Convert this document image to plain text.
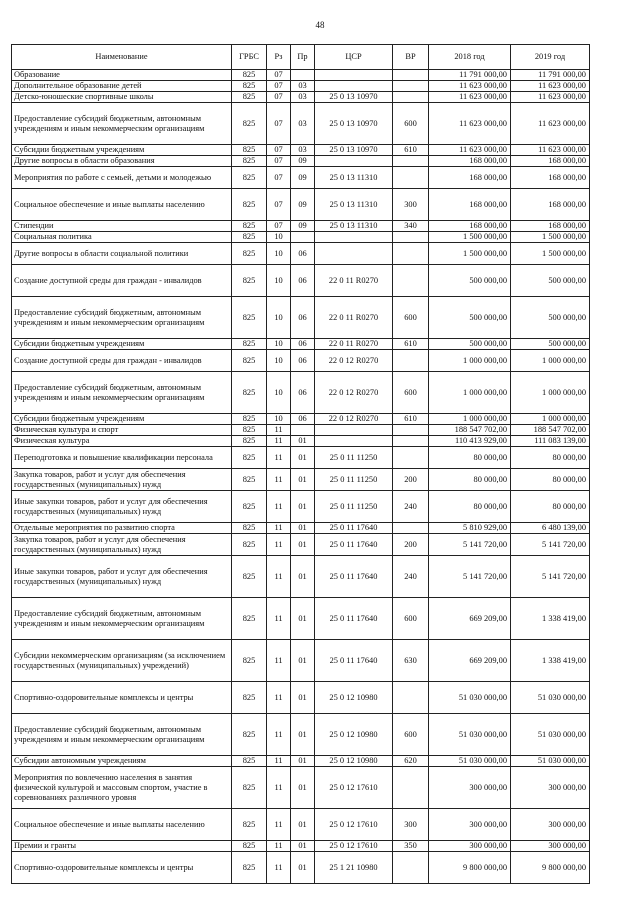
48
Наименование	ГРБС	Рз	Пр	ЦСР	ВР	2018 год	2019 год
Образование	825	07				11 791 000,00	11 791 000,00
Дополнительное образование детей	825	07	03			11 623 000,00	11 623 000,00
Детско-юношеские спортивные школы	825	07	03	25 0 13 10970		11 623 000,00	11 623 000,00
Предоставление субсидий бюджетным, автономным учреждениям и иным некоммерческим организациям	825	07	03	25 0 13 10970	600	11 623 000,00	11 623 000,00
Субсидии бюджетным учреждениям	825	07	03	25 0 13 10970	610	11 623 000,00	11 623 000,00
Другие вопросы в области образования	825	07	09			168 000,00	168 000,00
Мероприятия по работе с семьей, детьми и молодежью	825	07	09	25 0 13 11310		168 000,00	168 000,00
Социальное обеспечение и иные выплаты населению	825	07	09	25 0 13 11310	300	168 000,00	168 000,00
Стипендии	825	07	09	25 0 13 11310	340	168 000,00	168 000,00
Социальная политика	825	10				1 500 000,00	1 500 000,00
Другие вопросы в области социальной политики	825	10	06			1 500 000,00	1 500 000,00
Создание доступной среды для граждан - инвалидов	825	10	06	22 0 11 R0270		500 000,00	500 000,00
Предоставление субсидий бюджетным, автономным учреждениям и иным некоммерческим организациям	825	10	06	22 0 11 R0270	600	500 000,00	500 000,00
Субсидии бюджетным учреждениям	825	10	06	22 0 11 R0270	610	500 000,00	500 000,00
Создание доступной среды для граждан - инвалидов	825	10	06	22 0 12 R0270		1 000 000,00	1 000 000,00
Предоставление субсидий бюджетным, автономным учреждениям и иным некоммерческим организациям	825	10	06	22 0 12 R0270	600	1 000 000,00	1 000 000,00
Субсидии бюджетным учреждениям	825	10	06	22 0 12 R0270	610	1 000 000,00	1 000 000,00
Физическая культура и спорт	825	11				188 547 702,00	188 547 702,00
Физическая культура	825	11	01			110 413 929,00	111 083 139,00
Переподготовка и повышение квалификации персонала	825	11	01	25 0 11 11250		80 000,00	80 000,00
Закупка товаров, работ и услуг для обеспечения государственных (муниципальных) нужд	825	11	01	25 0 11 11250	200	80 000,00	80 000,00
Иные закупки товаров, работ и услуг для обеспечения государственных (муниципальных) нужд	825	11	01	25 0 11 11250	240	80 000,00	80 000,00
Отдельные мероприятия по развитию спорта	825	11	01	25 0 11 17640		5 810 929,00	6 480 139,00
Закупка товаров, работ и услуг для обеспечения государственных (муниципальных) нужд	825	11	01	25 0 11 17640	200	5 141 720,00	5 141 720,00
Иные закупки товаров, работ и услуг для обеспечения государственных (муниципальных) нужд	825	11	01	25 0 11 17640	240	5 141 720,00	5 141 720,00
Предоставление субсидий бюджетным, автономным учреждениям и иным некоммерческим организациям	825	11	01	25 0 11 17640	600	669 209,00	1 338 419,00
Субсидии некоммерческим организациям (за исключением государственных (муниципальных) учреждений)	825	11	01	25 0 11 17640	630	669 209,00	1 338 419,00
Спортивно-оздоровительные комплексы и центры	825	11	01	25 0 12 10980		51 030 000,00	51 030 000,00
Предоставление субсидий бюджетным, автономным учреждениям и иным некоммерческим организациям	825	11	01	25 0 12 10980	600	51 030 000,00	51 030 000,00
Субсидии автономным учреждениям	825	11	01	25 0 12 10980	620	51 030 000,00	51 030 000,00
Мероприятия по вовлечению населения в занятия физической культурой и массовым спортом, участие в соревнованиях различного уровня	825	11	01	25 0 12 17610		300 000,00	300 000,00
Социальное обеспечение и иные выплаты населению	825	11	01	25 0 12 17610	300	300 000,00	300 000,00
Премии и гранты	825	11	01	25 0 12 17610	350	300 000,00	300 000,00
Спортивно-оздоровительные комплексы и центры	825	11	01	25 1 21 10980		9 800 000,00	9 800 000,00
